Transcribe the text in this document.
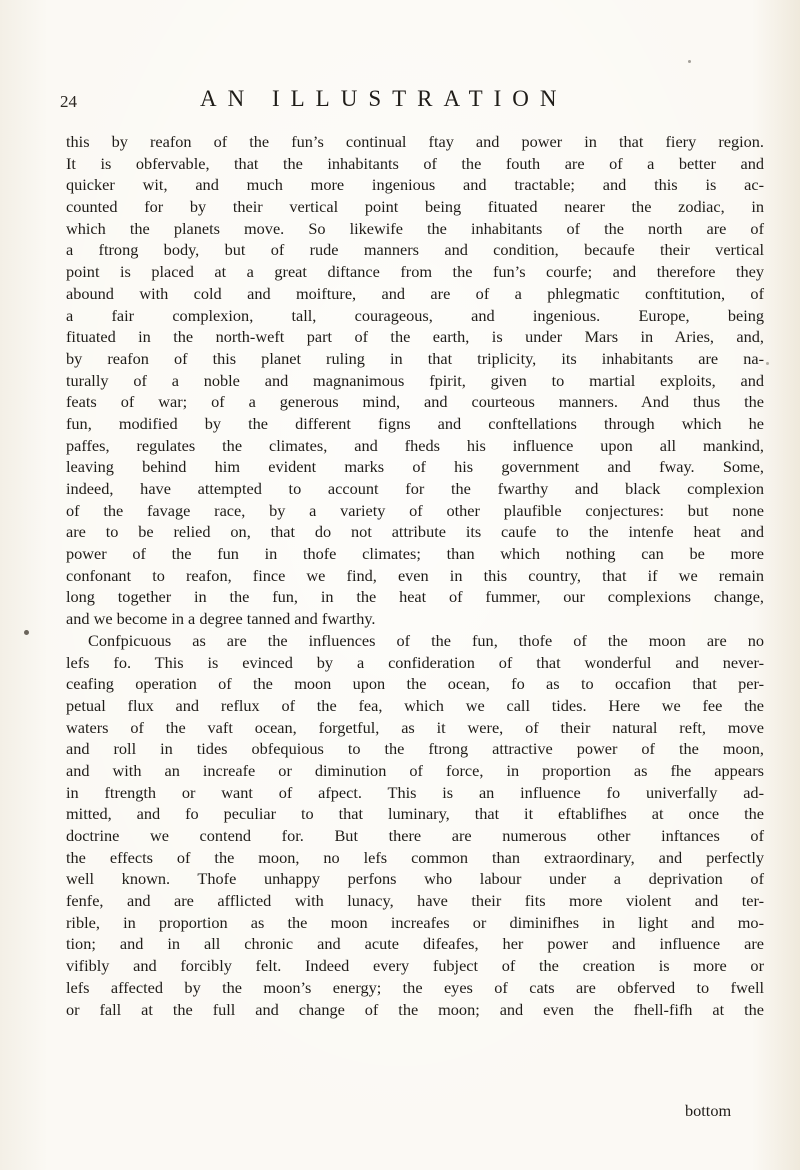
24	AN ILLUSTRATION
this by reafon of the fun’s continual ftay and power in that fiery region.
It is obfervable, that the inhabitants of the fouth are of a better and
quicker wit, and much more ingenious and tractable; and this is ac-
counted for by their vertical point being fituated nearer the zodiac, in
which the planets move. So likewife the inhabitants of the north are of
a ftrong body, but of rude manners and condition, becaufe their vertical
point is placed at a great diftance from the fun’s courfe; and therefore they
abound with cold and moifture, and are of a phlegmatic conftitution, of
a fair complexion, tall, courageous, and ingenious. Europe, being
fituated in the north-weft part of the earth, is under Mars in Aries, and,
by reafon of this planet ruling in that triplicity, its inhabitants are na-
turally of a noble and magnanimous fpirit, given to martial exploits, and
feats of war; of a generous mind, and courteous manners. And thus the
fun, modified by the different figns and conftellations through which he
paffes, regulates the climates, and fheds his influence upon all mankind,
leaving behind him evident marks of his government and fway. Some,
indeed, have attempted to account for the fwarthy and black complexion
of the favage race, by a variety of other plaufible conjectures: but none
are to be relied on, that do not attribute its caufe to the intenfe heat and
power of the fun in thofe climates; than which nothing can be more
confonant to reafon, fince we find, even in this country, that if we remain
long together in the fun, in the heat of fummer, our complexions change,
and we become in a degree tanned and fwarthy.
Confpicuous as are the influences of the fun, thofe of the moon are no
lefs fo. This is evinced by a confideration of that wonderful and never-
ceafing operation of the moon upon the ocean, fo as to occafion that per-
petual flux and reflux of the fea, which we call tides. Here we fee the
waters of the vaft ocean, forgetful, as it were, of their natural reft, move
and roll in tides obfequious to the ftrong attractive power of the moon,
and with an increafe or diminution of force, in proportion as fhe appears
in ftrength or want of afpect. This is an influence fo univerfally ad-
mitted, and fo peculiar to that luminary, that it eftablifhes at once the
doctrine we contend for. But there are numerous other inftances of
the effects of the moon, no lefs common than extraordinary, and perfectly
well known. Thofe unhappy perfons who labour under a deprivation of
fenfe, and are afflicted with lunacy, have their fits more violent and ter-
rible, in proportion as the moon increafes or diminifhes in light and mo-
tion; and in all chronic and acute difeafes, her power and influence are
vifibly and forcibly felt. Indeed every fubject of the creation is more or
lefs affected by the moon’s energy; the eyes of cats are obferved to fwell
or fall at the full and change of the moon; and even the fhell-fifh at the
bottom
